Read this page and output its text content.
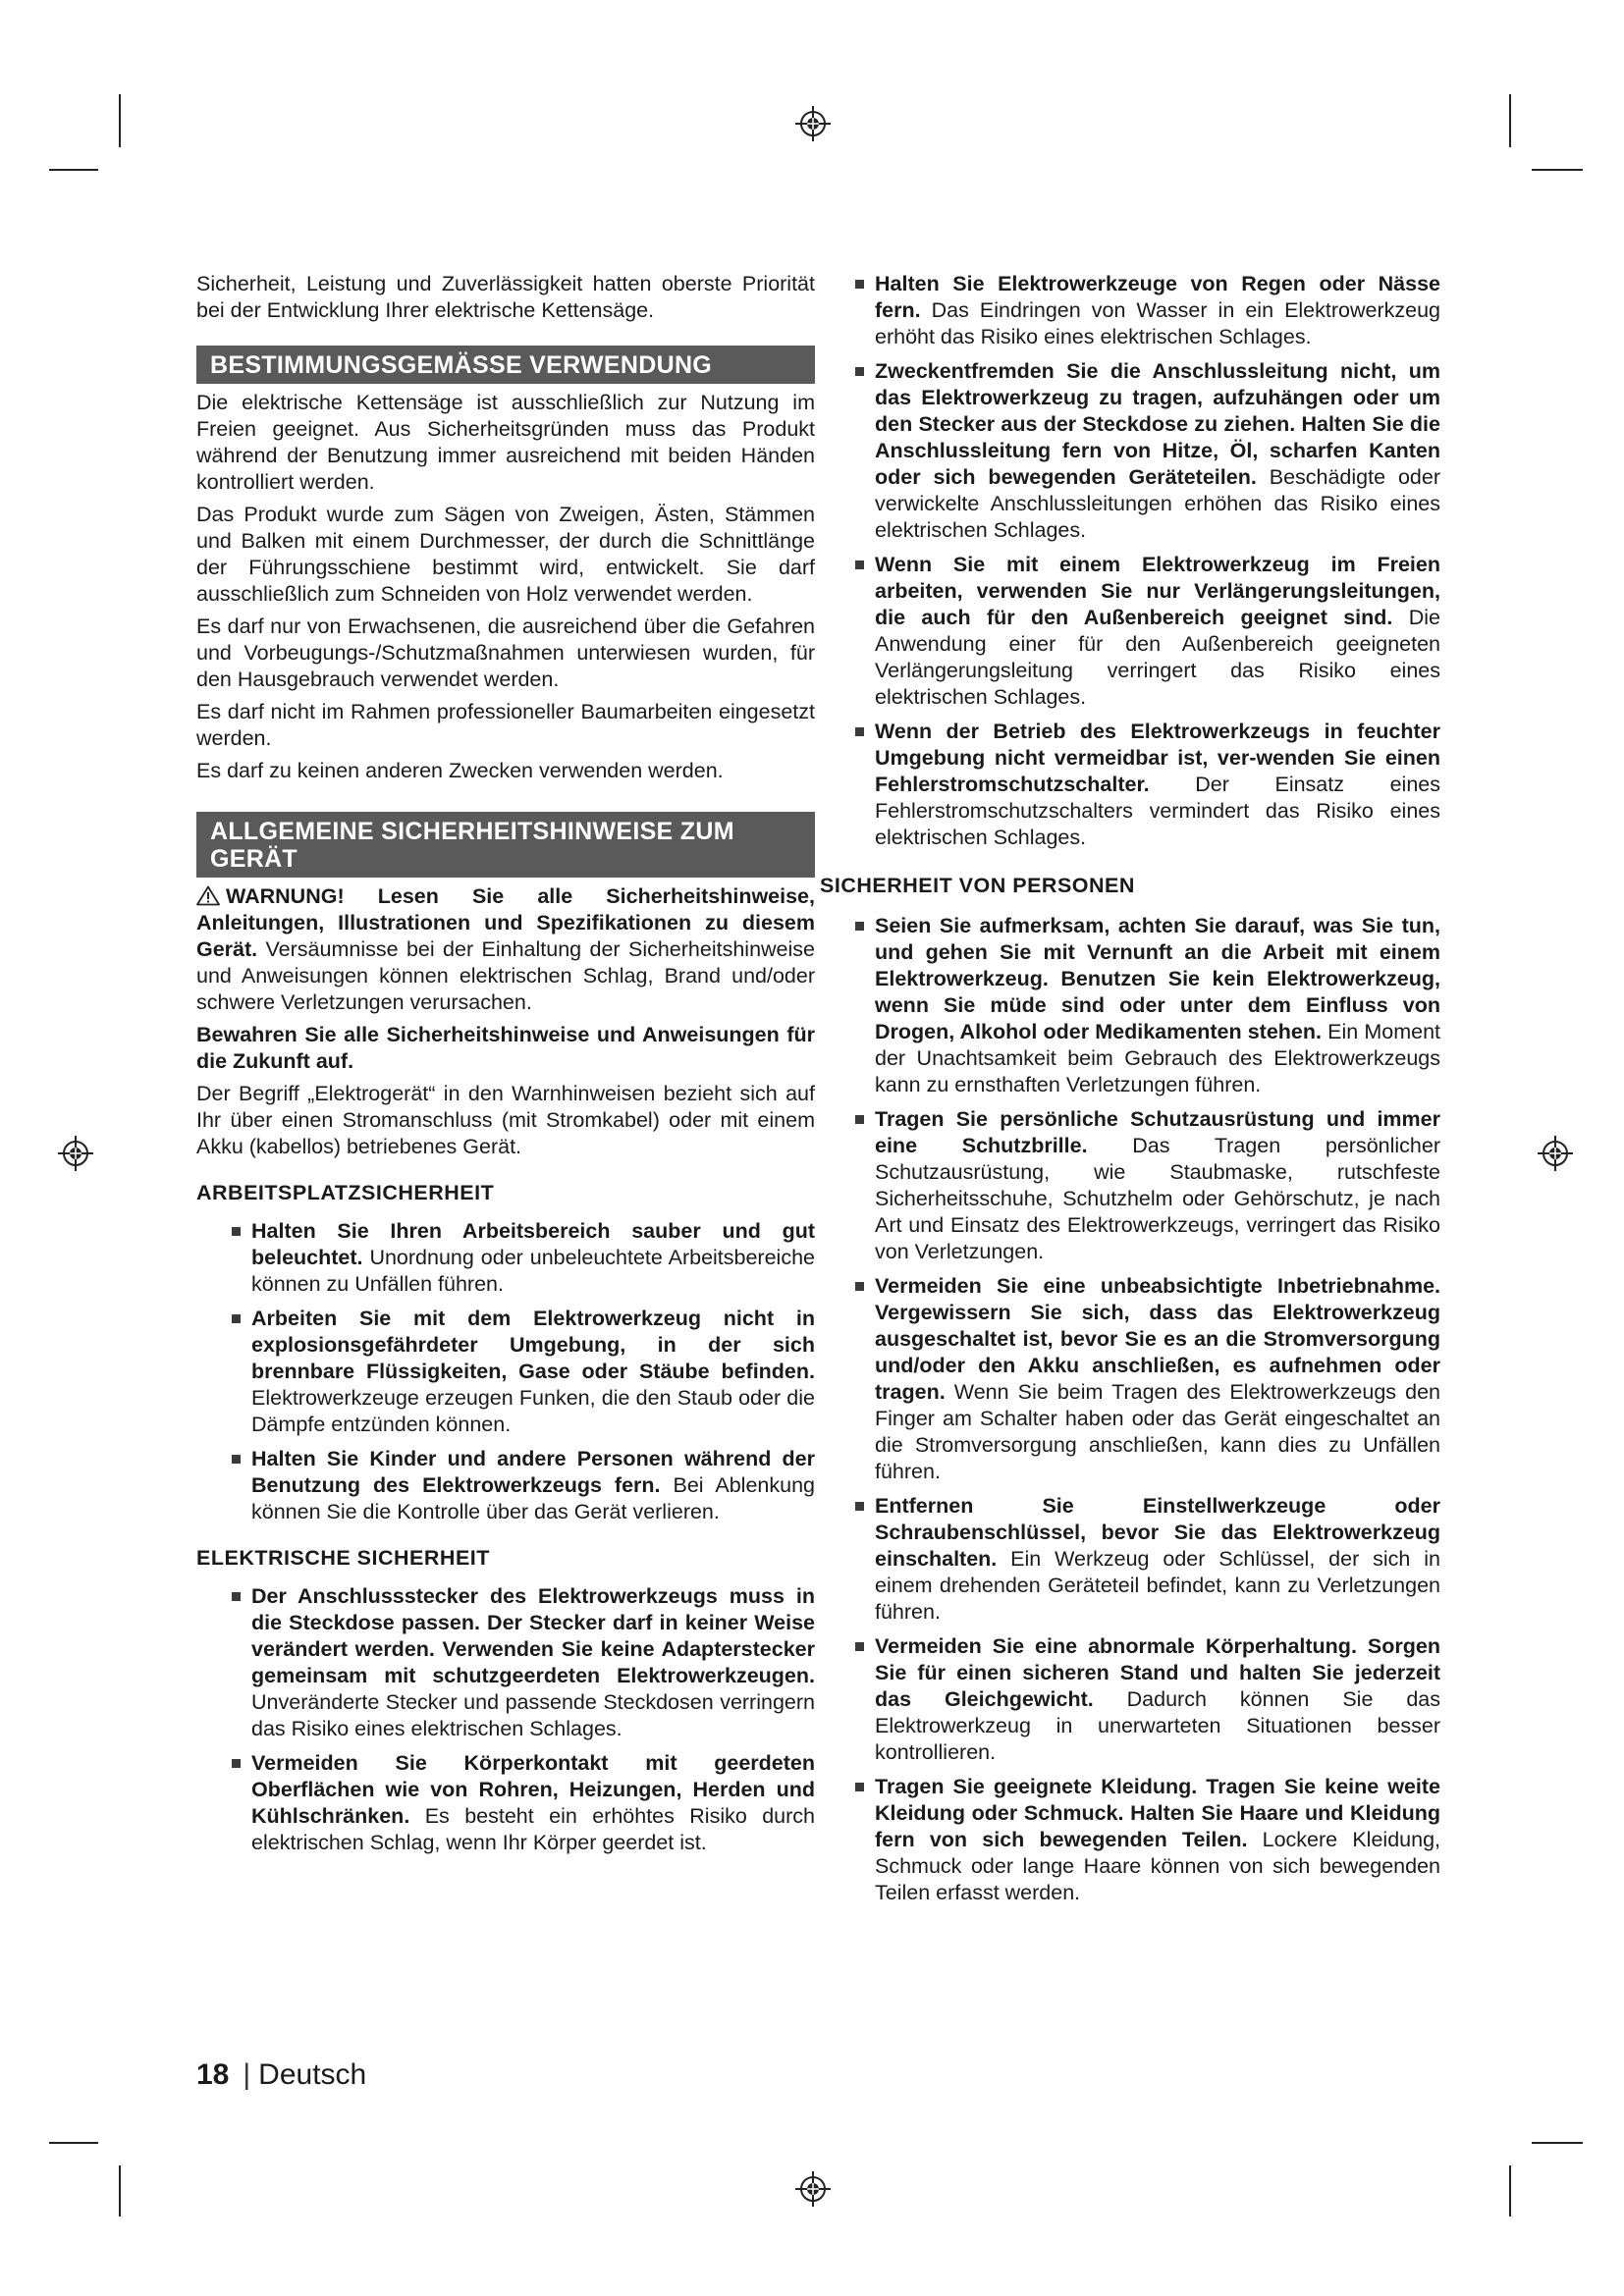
Sicherheit, Leistung und Zuverlässigkeit hatten oberste Priorität bei der Entwicklung Ihrer elektrische Kettensäge.

BESTIMMUNGSGEMÄSSE VERWENDUNG

Die elektrische Kettensäge ist ausschließlich zur Nutzung im Freien geeignet. Aus Sicherheitsgründen muss das Produkt während der Benutzung immer ausreichend mit beiden Händen kontrolliert werden.

Das Produkt wurde zum Sägen von Zweigen, Ästen, Stämmen und Balken mit einem Durchmesser, der durch die Schnittlänge der Führungsschiene bestimmt wird, entwickelt. Sie darf ausschließlich zum Schneiden von Holz verwendet werden.

Es darf nur von Erwachsenen, die ausreichend über die Gefahren und Vorbeugungs-/Schutzmaßnahmen unterwiesen wurden, für den Hausgebrauch verwendet werden.

Es darf nicht im Rahmen professioneller Baumarbeiten eingesetzt werden.

Es darf zu keinen anderen Zwecken verwenden werden.

ALLGEMEINE SICHERHEITSHINWEISE ZUM GERÄT

WARNUNG! Lesen Sie alle Sicherheitshinweise, Anleitungen, Illustrationen und Spezifikationen zu diesem Gerät. Versäumnisse bei der Einhaltung der Sicherheitshinweise und Anweisungen können elektrischen Schlag, Brand und/oder schwere Verletzungen verursachen.

Bewahren Sie alle Sicherheitshinweise und Anweisungen für die Zukunft auf.

Der Begriff „Elektrogerät“ in den Warnhinweisen bezieht sich auf Ihr über einen Stromanschluss (mit Stromkabel) oder mit einem Akku (kabellos) betriebenes Gerät.

ARBEITSPLATZSICHERHEIT
Halten Sie Ihren Arbeitsbereich sauber und gut beleuchtet. Unordnung oder unbeleuchtete Arbeitsbereiche können zu Unfällen führen.
Arbeiten Sie mit dem Elektrowerkzeug nicht in explosionsgefährdeter Umgebung, in der sich brennbare Flüssigkeiten, Gase oder Stäube befinden. Elektrowerkzeuge erzeugen Funken, die den Staub oder die Dämpfe entzünden können.
Halten Sie Kinder und andere Personen während der Benutzung des Elektrowerkzeugs fern. Bei Ablenkung können Sie die Kontrolle über das Gerät verlieren.
ELEKTRISCHE SICHERHEIT
Der Anschlussstecker des Elektrowerkzeugs muss in die Steckdose passen. Der Stecker darf in keiner Weise verändert werden. Verwenden Sie keine Adapterstecker gemeinsam mit schutzgeerdeten Elektrowerkzeugen. Unveränderte Stecker und passende Steckdosen verringern das Risiko eines elektrischen Schlages.
Vermeiden Sie Körperkontakt mit geerdeten Oberflächen wie von Rohren, Heizungen, Herden und Kühlschränken. Es besteht ein erhöhtes Risiko durch elektrischen Schlag, wenn Ihr Körper geerdet ist.
Halten Sie Elektrowerkzeuge von Regen oder Nässe fern. Das Eindringen von Wasser in ein Elektrowerkzeug erhöht das Risiko eines elektrischen Schlages.
Zweckentfremden Sie die Anschlussleitung nicht, um das Elektrowerkzeug zu tragen, aufzuhängen oder um den Stecker aus der Steckdose zu ziehen. Halten Sie die Anschlussleitung fern von Hitze, Öl, scharfen Kanten oder sich bewegenden Geräteteilen. Beschädigte oder verwickelte Anschlussleitungen erhöhen das Risiko eines elektrischen Schlages.
Wenn Sie mit einem Elektrowerkzeug im Freien arbeiten, verwenden Sie nur Verlängerungsleitungen, die auch für den Außenbereich geeignet sind. Die Anwendung einer für den Außenbereich geeigneten Verlängerungsleitung verringert das Risiko eines elektrischen Schlages.
Wenn der Betrieb des Elektrowerkzeugs in feuchter Umgebung nicht vermeidbar ist, ver-wenden Sie einen Fehlerstromschutzschalter. Der Einsatz eines Fehlerstromschutzschalters vermindert das Risiko eines elektrischen Schlages.
SICHERHEIT VON PERSONEN
Seien Sie aufmerksam, achten Sie darauf, was Sie tun, und gehen Sie mit Vernunft an die Arbeit mit einem Elektrowerkzeug. Benutzen Sie kein Elektrowerkzeug, wenn Sie müde sind oder unter dem Einfluss von Drogen, Alkohol oder Medikamenten stehen. Ein Moment der Unachtsamkeit beim Gebrauch des Elektrowerkzeugs kann zu ernsthaften Verletzungen führen.
Tragen Sie persönliche Schutzausrüstung und immer eine Schutzbrille. Das Tragen persönlicher Schutzausrüstung, wie Staubmaske, rutschfeste Sicherheitsschuhe, Schutzhelm oder Gehörschutz, je nach Art und Einsatz des Elektrowerkzeugs, verringert das Risiko von Verletzungen.
Vermeiden Sie eine unbeabsichtigte Inbetriebnahme. Vergewissern Sie sich, dass das Elektrowerkzeug ausgeschaltet ist, bevor Sie es an die Stromversorgung und/oder den Akku anschließen, es aufnehmen oder tragen. Wenn Sie beim Tragen des Elektrowerkzeugs den Finger am Schalter haben oder das Gerät eingeschaltet an die Stromversorgung anschließen, kann dies zu Unfällen führen.
Entfernen Sie Einstellwerkzeuge oder Schraubenschlüssel, bevor Sie das Elektrowerkzeug einschalten. Ein Werkzeug oder Schlüssel, der sich in einem drehenden Geräteteil befindet, kann zu Verletzungen führen.
Vermeiden Sie eine abnormale Körperhaltung. Sorgen Sie für einen sicheren Stand und halten Sie jederzeit das Gleichgewicht. Dadurch können Sie das Elektrowerkzeug in unerwarteten Situationen besser kontrollieren.
Tragen Sie geeignete Kleidung. Tragen Sie keine weite Kleidung oder Schmuck. Halten Sie Haare und Kleidung fern von sich bewegenden Teilen. Lockere Kleidung, Schmuck oder lange Haare können von sich bewegenden Teilen erfasst werden.
18 | Deutsch
